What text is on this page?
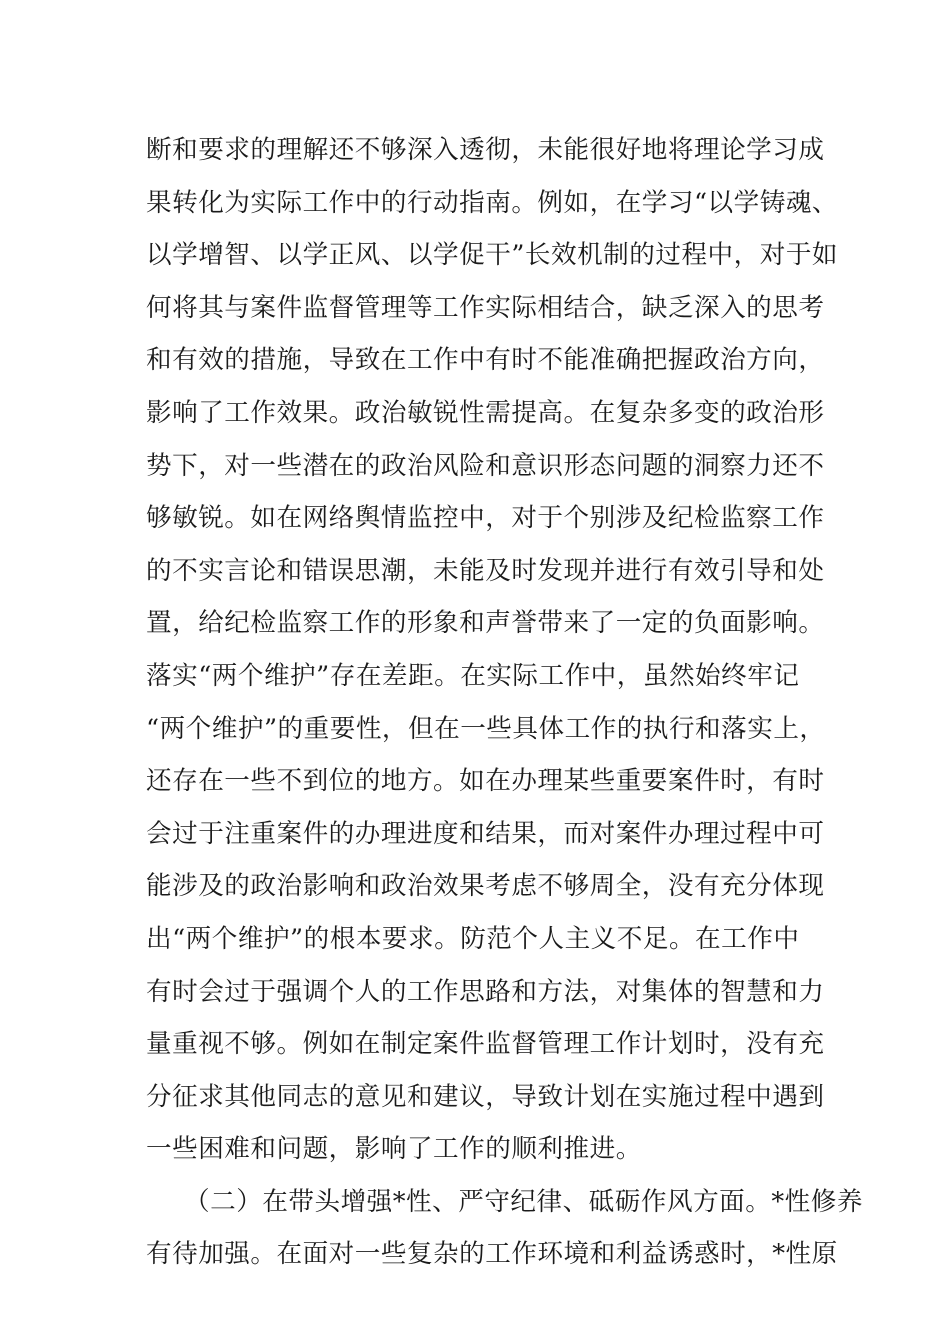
断和要求的理解还不够深入透彻，未能很好地将理论学习成
果转化为实际工作中的行动指南。例如，在学习“以学铸魂、
以学增智、以学正风、以学促干”长效机制的过程中，对于如
何将其与案件监督管理等工作实际相结合，缺乏深入的思考
和有效的措施，导致在工作中有时不能准确把握政治方向，
影响了工作效果。政治敏锐性需提高。在复杂多变的政治形
势下，对一些潜在的政治风险和意识形态问题的洞察力还不
够敏锐。如在网络舆情监控中，对于个别涉及纪检监察工作
的不实言论和错误思潮，未能及时发现并进行有效引导和处
置，给纪检监察工作的形象和声誉带来了一定的负面影响。
落实“两个维护”存在差距。在实际工作中，虽然始终牢记
“两个维护”的重要性，但在一些具体工作的执行和落实上，
还存在一些不到位的地方。如在办理某些重要案件时，有时
会过于注重案件的办理进度和结果，而对案件办理过程中可
能涉及的政治影响和政治效果考虑不够周全，没有充分体现
出“两个维护”的根本要求。防范个人主义不足。在工作中
有时会过于强调个人的工作思路和方法，对集体的智慧和力
量重视不够。例如在制定案件监督管理工作计划时，没有充
分征求其他同志的意见和建议，导致计划在实施过程中遇到
一些困难和问题，影响了工作的顺利推进。
（二）在带头增强*性、严守纪律、砥砺作风方面。*性修养
有待加强。在面对一些复杂的工作环境和利益诱惑时，*性原
